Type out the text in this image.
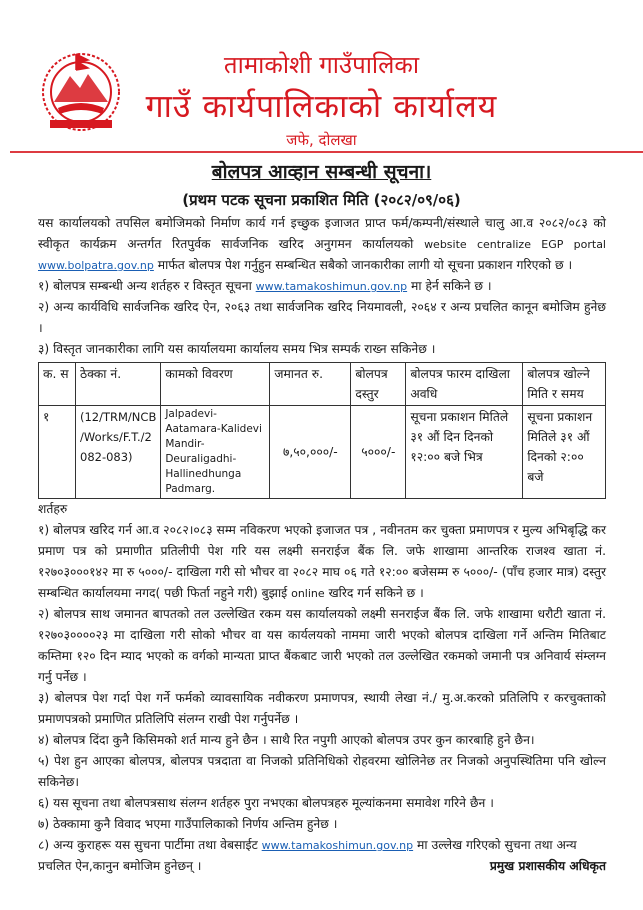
तामाकोशी गाउँपालिका
गाउँ कार्यपालिकाको कार्यालय
जफे, दोलखा
बोलपत्र आव्हान सम्बन्धी सूचना।
(प्रथम पटक सूचना प्रकाशित मिति (२०८२/०९/०६)

यस कार्यालयको तपसिल बमोजिमको निर्माण कार्य गर्न इच्छुक इजाजत प्राप्त फर्म/कम्पनी/संस्थाले चालु आ.व २०८२/०८३ को स्वीकृत कार्यक्रम अन्तर्गत रितपुर्वक सार्वजनिक खरिद अनुगमन कार्यालयको website centralize EGP portal www.bolpatra.gov.np मार्फत बोलपत्र पेश गर्नुहुन सम्बन्धित सबैको जानकारीका लागी यो सूचना प्रकाशन गरिएको छ ।

१) बोलपत्र सम्बन्धी अन्य शर्तहरु र विस्तृत सूचना www.tamakoshimun.gov.np मा हेर्न सकिने छ ।

२) अन्य कार्यविधि सार्वजनिक खरिद ऐन, २०६३ तथा सार्वजनिक खरिद नियमावली, २०६४ र अन्य प्रचलित कानून बमोजिम हुनेछ ।

३) विस्तृत जानकारीका लागि यस कार्यालयमा कार्यालय समय भित्र सम्पर्क राख्न सकिनेछ ।

क. स	ठेक्का नं.	कामको विवरण	जमानत रु.	बोलपत्र दस्तुर	बोलपत्र फारम दाखिला अवधि	बोलपत्र खोल्ने मिति र समय
१	(12/TRM/NCB /Works/F.T./2 082-083)	Jalpadevi-Aatamara-Kalidevi Mandir-Deuraligadhi-Hallinedhunga Padmarg.	७,५०,०००/-	५०००/-	सूचना प्रकाशन मितिले ३१ औं दिन दिनको १२:०० बजे भित्र	सूचना प्रकाशन मितिले ३१ औं दिनको २:०० बजे

शर्तहरु

१) बोलपत्र खरिद गर्न आ.व २०८२।०८३ सम्म नविकरण भएको इजाजत पत्र , नवीनतम कर चुक्ता प्रमाणपत्र र मुल्य अभिबृद्धि कर प्रमाण पत्र को प्रमाणीत प्रतिलीपी पेश गरि यस लक्ष्मी सनराईज बैंक लि. जफे शाखामा आन्तरिक राजश्व खाता नं. १२७०३०००१४२ मा रु ५०००/- दाखिला गरी सो भौचर वा २०८२ माघ ०६ गते १२:०० बजेसम्म रु ५०००/- (पाँच हजार मात्र) दस्तुर सम्बन्धित कार्यालयमा नगद( पछी फिर्ता नहुने गरी) बुझाई online खरिद गर्न सकिने छ ।

२) बोलपत्र साथ जमानत बापतको तल उल्लेखित रकम यस कार्यालयको लक्ष्मी सनराईज बैंक लि. जफे शाखामा धरौटी खाता नं. १२७०३००००२३ मा दाखिला गरी सोको भौचर वा यस कार्यलयको नाममा जारी भएको बोलपत्र दाखिला गर्ने अन्तिम मितिबाट कम्तिमा १२० दिन म्याद भएको क वर्गको मान्यता प्राप्त बैंकबाट जारी भएको तल उल्लेखित रकमको जमानी पत्र अनिवार्य संम्लग्न गर्नु पर्नेछ ।

३) बोलपत्र पेश गर्दा पेश गर्ने फर्मको व्यावसायिक नवीकरण प्रमाणपत्र, स्थायी लेखा नं./ मु.अ.करको प्रतिलिपि र करचुक्ताको प्रमाणपत्रको प्रमाणित प्रतिलिपि संलग्न राखी पेश गर्नुपर्नेछ ।

४) बोलपत्र दिंदा कुनै किसिमको शर्त मान्य हुने छैन । साथै रित नपुगी आएको बोलपत्र उपर कुन कारबाहि हुने छैन।

५) पेश हुन आएका बोलपत्र, बोलपत्र पत्रदाता वा निजको प्रतिनिधिको रोहवरमा खोलिनेछ तर निजको अनुपस्थितिमा पनि खोल्न सकिनेछ।

६) यस सूचना तथा बोलपत्रसाथ संलग्न शर्तहरु पुरा नभएका बोलपत्रहरु मूल्यांकनमा समावेश गरिने छैन ।

७) ठेक्कामा कुनै विवाद भएमा गाउँपालिकाको निर्णय अन्तिम हुनेछ ।

८) अन्य कुराहरू यस सुचना पार्टीमा तथा वेबसाईट www.tamakoshimun.gov.np मा उल्लेख गरिएको सुचना तथा अन्य

प्रचलित ऐन,कानुन बमोजिम हुनेछन् ।	प्रमुख प्रशासकीय अधिकृत
